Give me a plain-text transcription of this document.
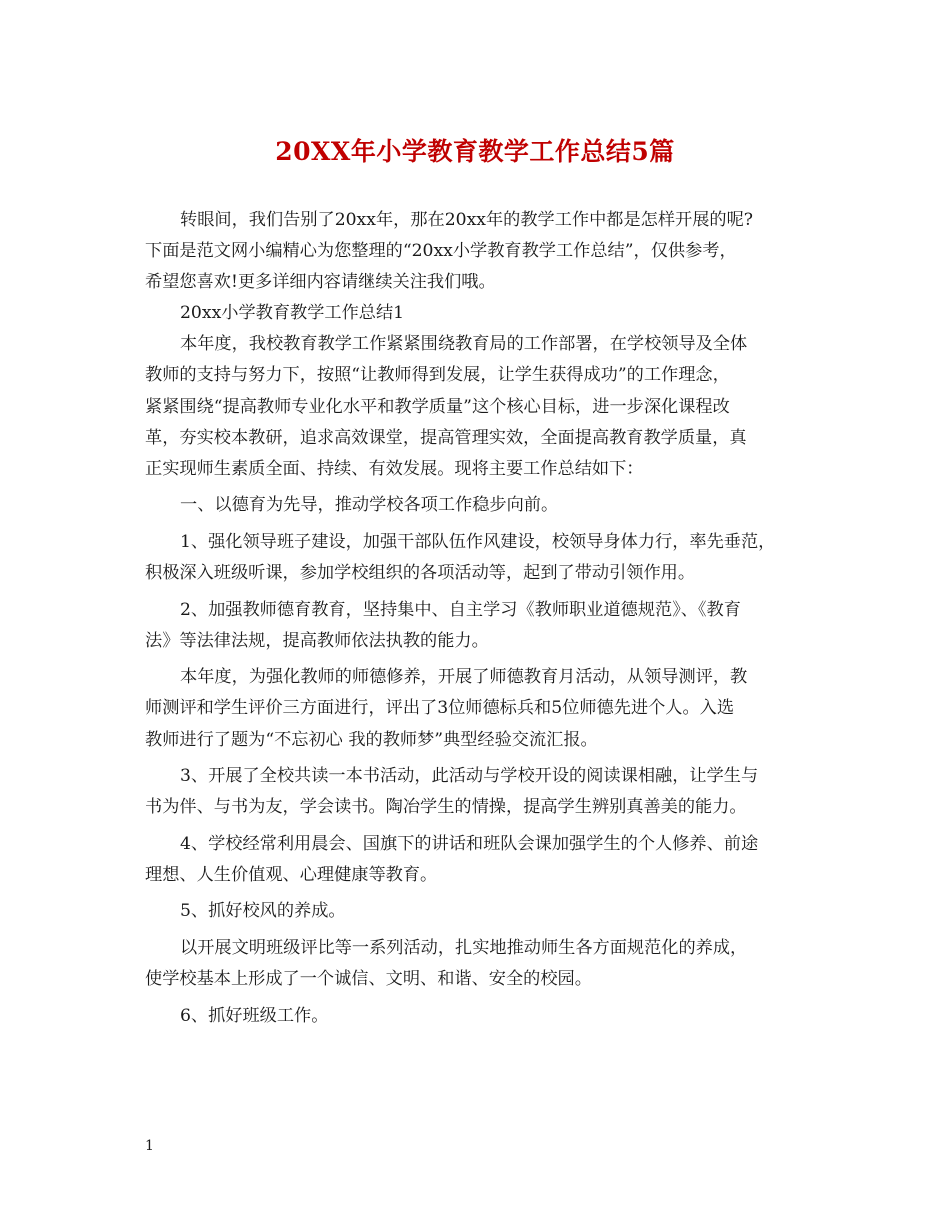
20XX年小学教育教学工作总结5篇
转眼间，我们告别了20xx年，那在20xx年的教学工作中都是怎样开展的呢?
下面是范文网小编精心为您整理的“20xx小学教育教学工作总结”，仅供参考，
希望您喜欢!更多详细内容请继续关注我们哦。
20xx小学教育教学工作总结1
本年度，我校教育教学工作紧紧围绕教育局的工作部署，在学校领导及全体
教师的支持与努力下，按照“让教师得到发展，让学生获得成功”的工作理念，
紧紧围绕“提高教师专业化水平和教学质量”这个核心目标，进一步深化课程改
革，夯实校本教研，追求高效课堂，提高管理实效，全面提高教育教学质量，真
正实现师生素质全面、持续、有效发展。现将主要工作总结如下：
一、以德育为先导，推动学校各项工作稳步向前。
1、强化领导班子建设，加强干部队伍作风建设，校领导身体力行，率先垂范，
积极深入班级听课，参加学校组织的各项活动等，起到了带动引领作用。
2、加强教师德育教育，坚持集中、自主学习《教师职业道德规范》、《教育
法》等法律法规，提高教师依法执教的能力。
本年度，为强化教师的师德修养，开展了师德教育月活动，从领导测评，教
师测评和学生评价三方面进行，评出了3位师德标兵和5位师德先进个人。入选
教师进行了题为“不忘初心 我的教师梦”典型经验交流汇报。
3、开展了全校共读一本书活动，此活动与学校开设的阅读课相融，让学生与
书为伴、与书为友，学会读书。陶冶学生的情操，提高学生辨别真善美的能力。
4、学校经常利用晨会、国旗下的讲话和班队会课加强学生的个人修养、前途
理想、人生价值观、心理健康等教育。
5、抓好校风的养成。
以开展文明班级评比等一系列活动，扎实地推动师生各方面规范化的养成，
使学校基本上形成了一个诚信、文明、和谐、安全的校园。
6、抓好班级工作。
1
